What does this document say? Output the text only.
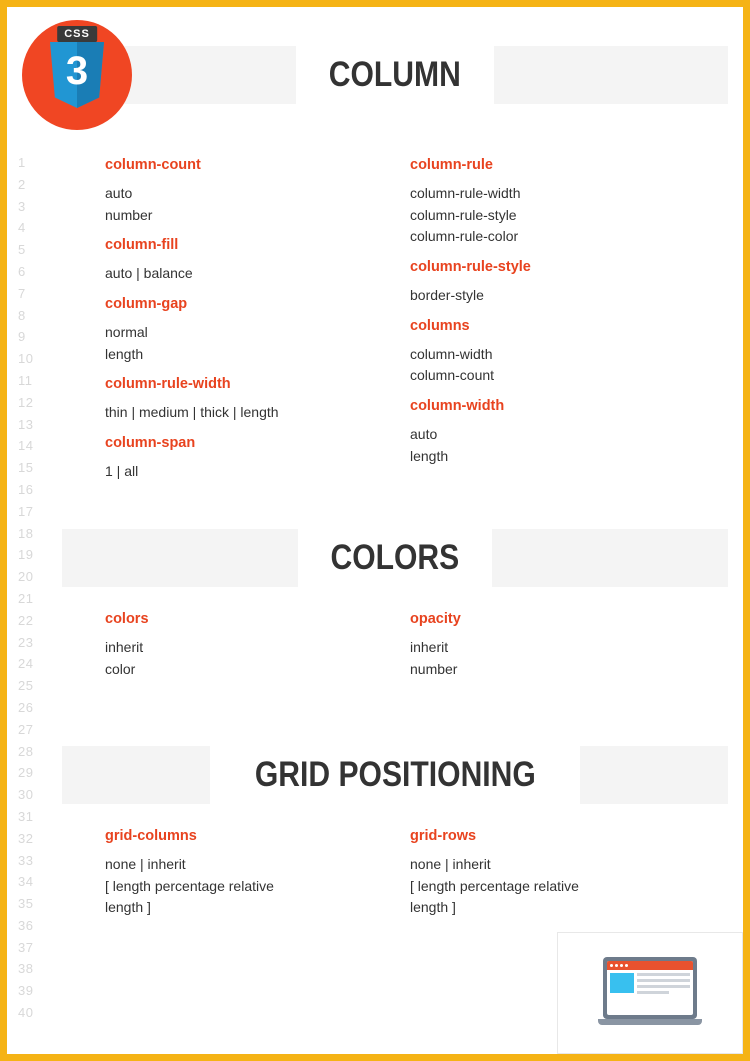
CSS
3
1
2
3
4
5
6
7
8
9
10
11
12
13
14
15
16
17
18
19
20
21
22
23
24
25
26
27
28
29
30
31
32
33
34
35
36
37
38
39
40
COLUMN

column-count

auto
number

column-fill

auto | balance

column-gap

normal
length

column-rule-width

thin | medium | thick | length

column-span

1 | all

column-rule

column-rule-width
column-rule-style
column-rule-color

column-rule-style

border-style

columns

column-width
column-count

column-width

auto
length
COLORS

colors

inherit
color

opacity

inherit
number
GRID POSITIONING

grid-columns

none | inherit
[ length percentage relative
length ]

grid-rows

none | inherit
[ length percentage relative
length ]
